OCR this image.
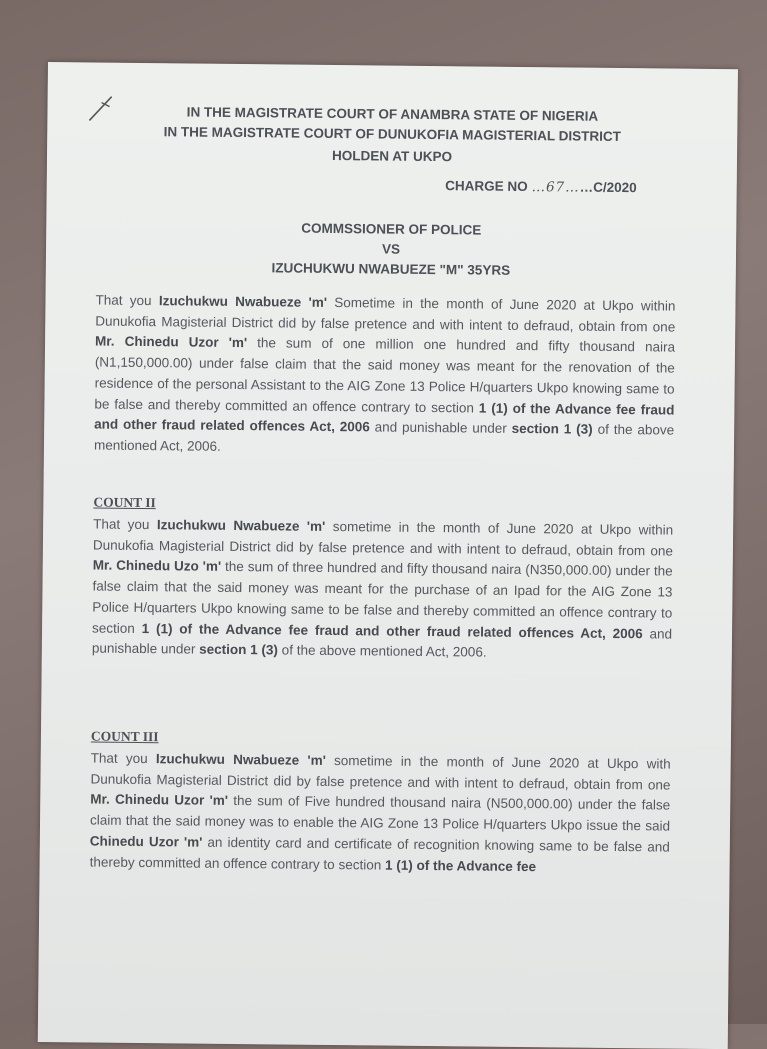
IN THE MAGISTRATE COURT OF ANAMBRA STATE OF NIGERIA
IN THE MAGISTRATE COURT OF DUNUKOFIA MAGISTERIAL DISTRICT
HOLDEN AT UKPO
CHARGE NO …67……C/2020
COMMSSIONER OF POLICE
VS
IZUCHUKWU NWABUEZE "M" 35YRS
That you Izuchukwu Nwabueze 'm' Sometime in the month of June 2020 at Ukpo within Dunukofia Magisterial District did by false pretence and with intent to defraud, obtain from one Mr. Chinedu Uzor 'm' the sum of one million one hundred and fifty thousand naira (N1,150,000.00) under false claim that the said money was meant for the renovation of the residence of the personal Assistant to the AIG Zone 13 Police H/quarters Ukpo knowing same to be false and thereby committed an offence contrary to section 1 (1) of the Advance fee fraud and other fraud related offences Act, 2006 and punishable under section 1 (3) of the above mentioned Act, 2006.
COUNT II
That you Izuchukwu Nwabueze 'm' sometime in the month of June 2020 at Ukpo within Dunukofia Magisterial District did by false pretence and with intent to defraud, obtain from one Mr. Chinedu Uzo 'm' the sum of three hundred and fifty thousand naira (N350,000.00) under the false claim that the said money was meant for the purchase of an Ipad for the AIG Zone 13 Police H/quarters Ukpo knowing same to be false and thereby committed an offence contrary to section 1 (1) of the Advance fee fraud and other fraud related offences Act, 2006 and punishable under section 1 (3) of the above mentioned Act, 2006.
COUNT III
That you Izuchukwu Nwabueze 'm' sometime in the month of June 2020 at Ukpo with Dunukofia Magisterial District did by false pretence and with intent to defraud, obtain from one Mr. Chinedu Uzor 'm' the sum of Five hundred thousand naira (N500,000.00) under the false claim that the said money was to enable the AIG Zone 13 Police H/quarters Ukpo issue the said Chinedu Uzor 'm' an identity card and certificate of recognition knowing same to be false and thereby committed an offence contrary to section 1 (1) of the Advance fee
